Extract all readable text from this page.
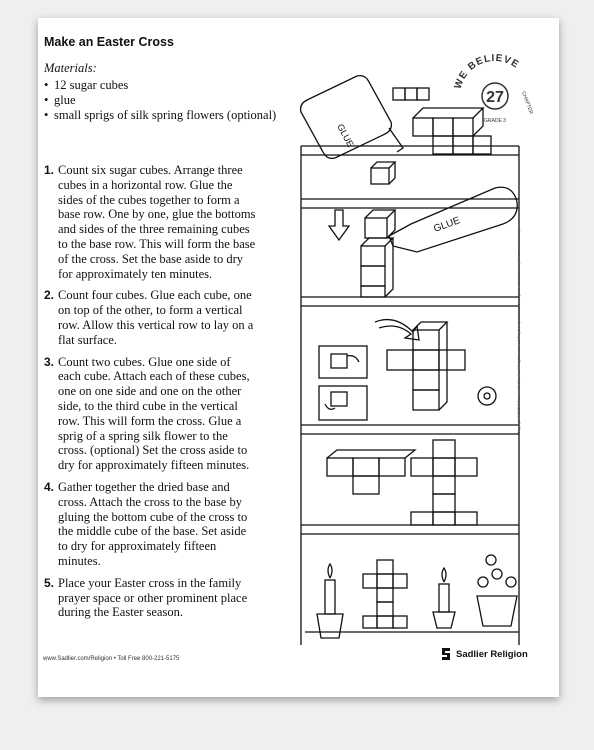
Make an Easter Cross
Materials:
• 12 sugar cubes
• glue
• small sprigs of silk spring flowers (optional)
1. Count six sugar cubes. Arrange three cubes in a horizontal row. Glue the sides of the cubes together to form a base row. One by one, glue the bottoms and sides of the three remaining cubes to the base row. This will form the base of the cross. Set the base aside to dry for approximately ten minutes.
2. Count four cubes. Glue each cube, one on top of the other, to form a vertical row. Allow this vertical row to lay on a flat surface.
3. Count two cubes. Glue one side of each cube. Attach each of these cubes, one on one side and one on the other side, to the third cube in the vertical row. This will form the cross. Glue a sprig of a spring silk flower to the cross. (optional) Set the cross aside to dry for approximately fifteen minutes.
4. Gather together the dried base and cross. Attach the cross to the base by gluing the bottom cube of the cross to the middle cube of the base. Set aside to dry for approximately fifteen minutes.
5. Place your Easter cross in the family prayer space or other prominent place during the Easter season.
WE BELIEVE
27	CHAPTER
GRADE 3
GLUE
GLUE
www.Sadlier.com/Religion • Toll Free 800-221-5175	Sadlier Religion
Copyright ©2015 William H. Sadlier, Inc. All rights reserved. May be reproduced for religious education use (not commercial use)
